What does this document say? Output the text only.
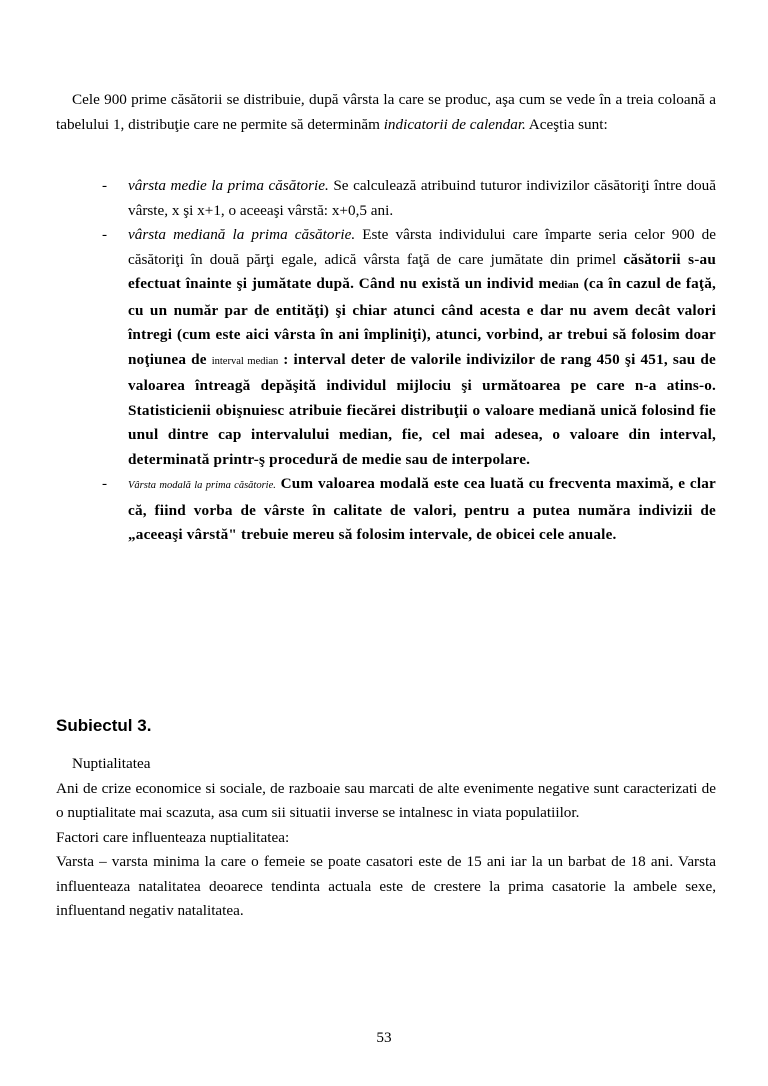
Cele 900 prime căsătorii se distribuie, după vârsta la care se produc, aşa cum se vede în a treia coloană a tabelului 1, distribuţie care ne permite să determinăm indicatorii de calendar. Aceştia sunt:

- vârsta medie la prima căsătorie. Se calculează atribuind tuturor indivizilor căsătoriţi între două vârste, x şi x+1, o aceeaşi vârstă: x+0,5 ani.

- vârsta mediană la prima căsătorie. Este vârsta individului care împarte seria celor 900 de căsătoriţi în două părţi egale, adică vârsta faţă de care jumătate din primel căsătorii s-au efectuat înainte şi jumătate după. Când nu există un individ median (ca în cazul de faţă, cu un număr par de entităţi) şi chiar atunci când acesta e dar nu avem decât valori întregi (cum este aici vârsta în ani împliniţi), atunci, vorbind, ar trebui să folosim doar noţiunea de interval median : interval deter de valorile indivizilor de rang 450 şi 451, sau de valoarea întreagă depăşită individul mijlociu şi următoarea pe care n-a atins-o. Statisticienii obişnuiesc atribuie fiecărei distribuţii o valoare mediană unică folosind fie unul dintre cap intervalului median, fie, cel mai adesea, o valoare din interval, determinată printr-ş procedură de medie sau de interpolare.

- Vârsta modală la prima căsătorie. Cum valoarea modală este cea luată cu frecventa maximă, e clar că, fiind vorba de vârste în calitate de valori, pentru a putea număra indivizii de „aceeaşi vârstă" trebuie mereu să folosim intervale, de obicei cele anuale.

Subiectul 3.

Nuptialitatea

Ani de crize economice si sociale, de razboaie sau marcati de alte evenimente negative sunt caracterizati de o nuptialitate mai scazuta, asa cum sii situatii inverse se intalnesc in viata populatiilor.

Factori care influenteaza nuptialitatea:

Varsta – varsta minima la care o femeie se poate casatori este de 15 ani iar la un barbat de 18 ani. Varsta influenteaza natalitatea deoarece tendinta actuala este de crestere la prima casatorie la ambele sexe, influentand negativ natalitatea.

53
